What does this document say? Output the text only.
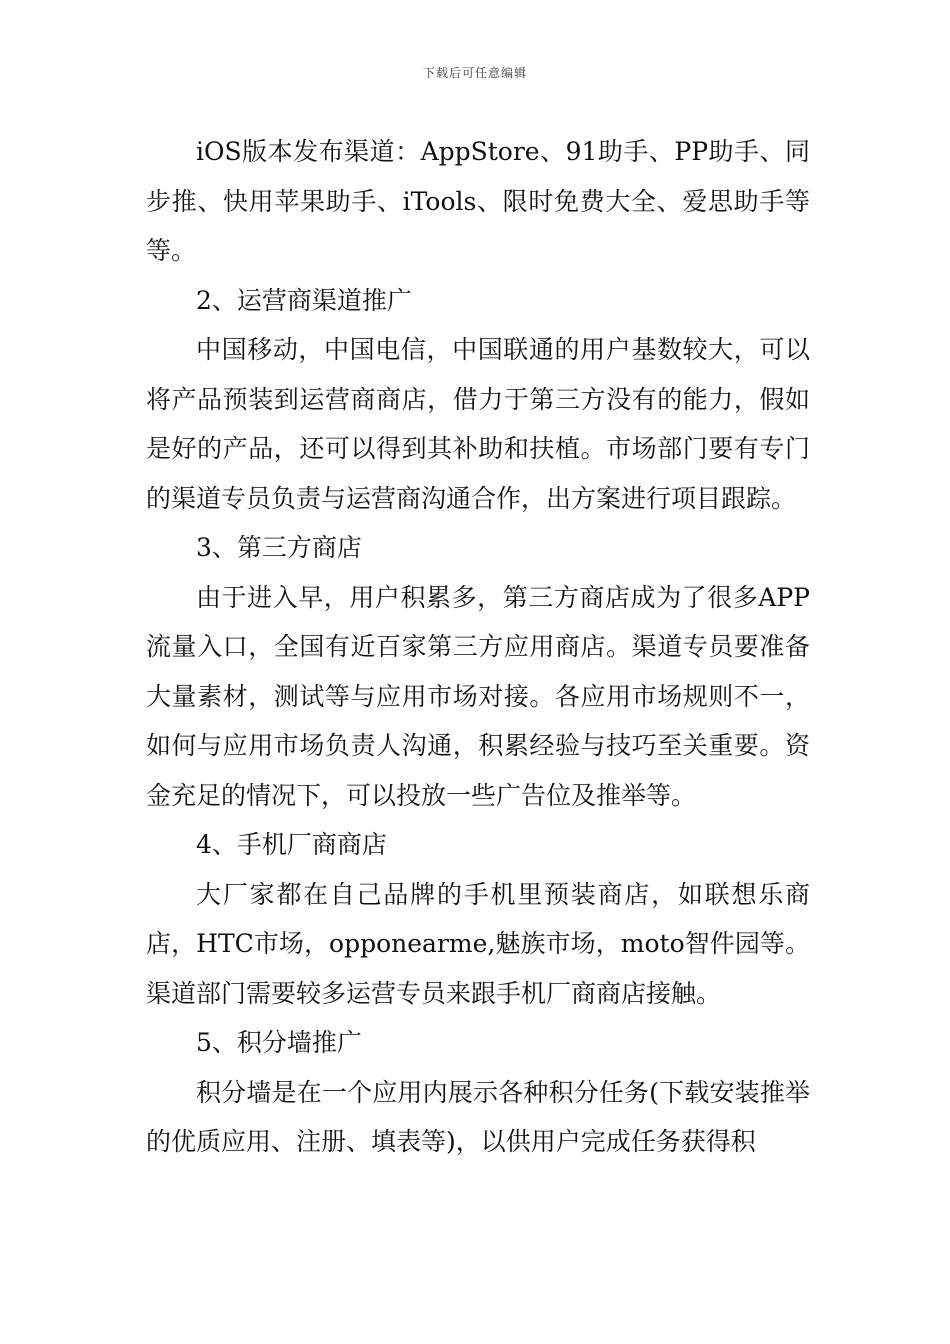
下载后可任意编辑

iOS版本发布渠道：AppStore、91助手、PP助手、同步推、快用苹果助手、iTools、限时免费大全、爱思助手等等。

2、运营商渠道推广

中国移动，中国电信，中国联通的用户基数较大，可以将产品预装到运营商商店，借力于第三方没有的能力，假如是好的产品，还可以得到其补助和扶植。市场部门要有专门的渠道专员负责与运营商沟通合作，出方案进行项目跟踪。

3、第三方商店

由于进入早，用户积累多，第三方商店成为了很多APP流量入口，全国有近百家第三方应用商店。渠道专员要准备大量素材，测试等与应用市场对接。各应用市场规则不一，如何与应用市场负责人沟通，积累经验与技巧至关重要。资金充足的情况下，可以投放一些广告位及推举等。

4、手机厂商商店

大厂家都在自己品牌的手机里预装商店，如联想乐商店，HTC市场，opponearme,魅族市场，moto智件园等。渠道部门需要较多运营专员来跟手机厂商商店接触。

5、积分墙推广

积分墙是在一个应用内展示各种积分任务(下载安装推举的优质应用、注册、填表等)，以供用户完成任务获得积
